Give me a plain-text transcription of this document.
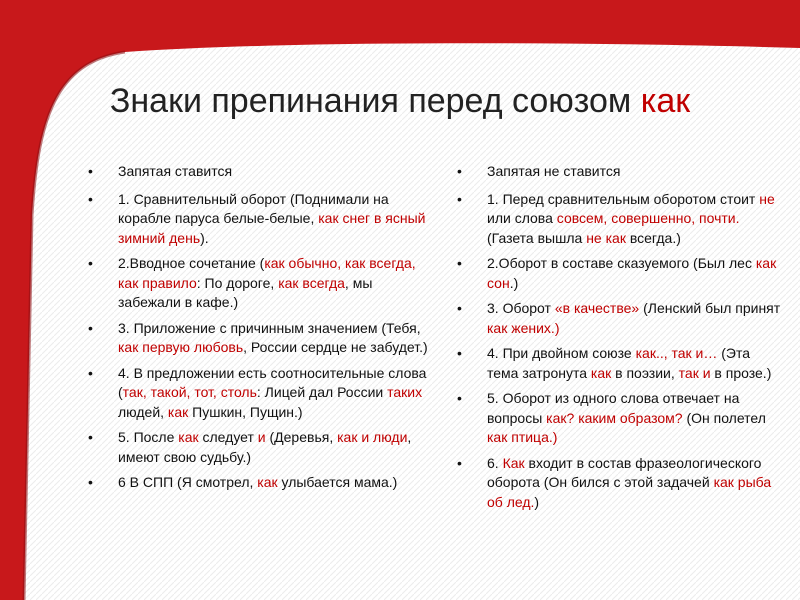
Знаки препинания перед союзом как
• Запятая ставится
• 1. Сравнительный оборот (Поднимали на корабле паруса белые-белые, как снег в ясный зимний день).
• 2.Вводное сочетание (как обычно, как всегда, как правило: По дороге, как всегда, мы забежали в кафе.)
• 3. Приложение с причинным значением (Тебя, как первую любовь, России сердце не забудет.)
• 4. В предложении есть соотносительные слова (так, такой, тот, столь: Лицей дал России таких людей, как Пушкин, Пущин.)
• 5. После как следует и (Деревья, как и люди, имеют свою судьбу.)
• 6 В СПП (Я смотрел, как улыбается мама.)
• Запятая не ставится
• 1. Перед сравнительным оборотом стоит не или слова совсем, совершенно, почти. (Газета вышла не как всегда.)
• 2.Оборот в составе сказуемого (Был лес как сон.)
• 3. Оборот «в качестве» (Ленский был принят как жених.)
• 4. При двойном союзе как.., так и… (Эта тема затронута как в поэзии, так и в прозе.)
• 5. Оборот из одного слова отвечает на вопросы как? каким образом? (Он полетел как птица.)
• 6. Как входит в состав фразеологического оборота (Он бился с этой задачей как рыба об лед.)
